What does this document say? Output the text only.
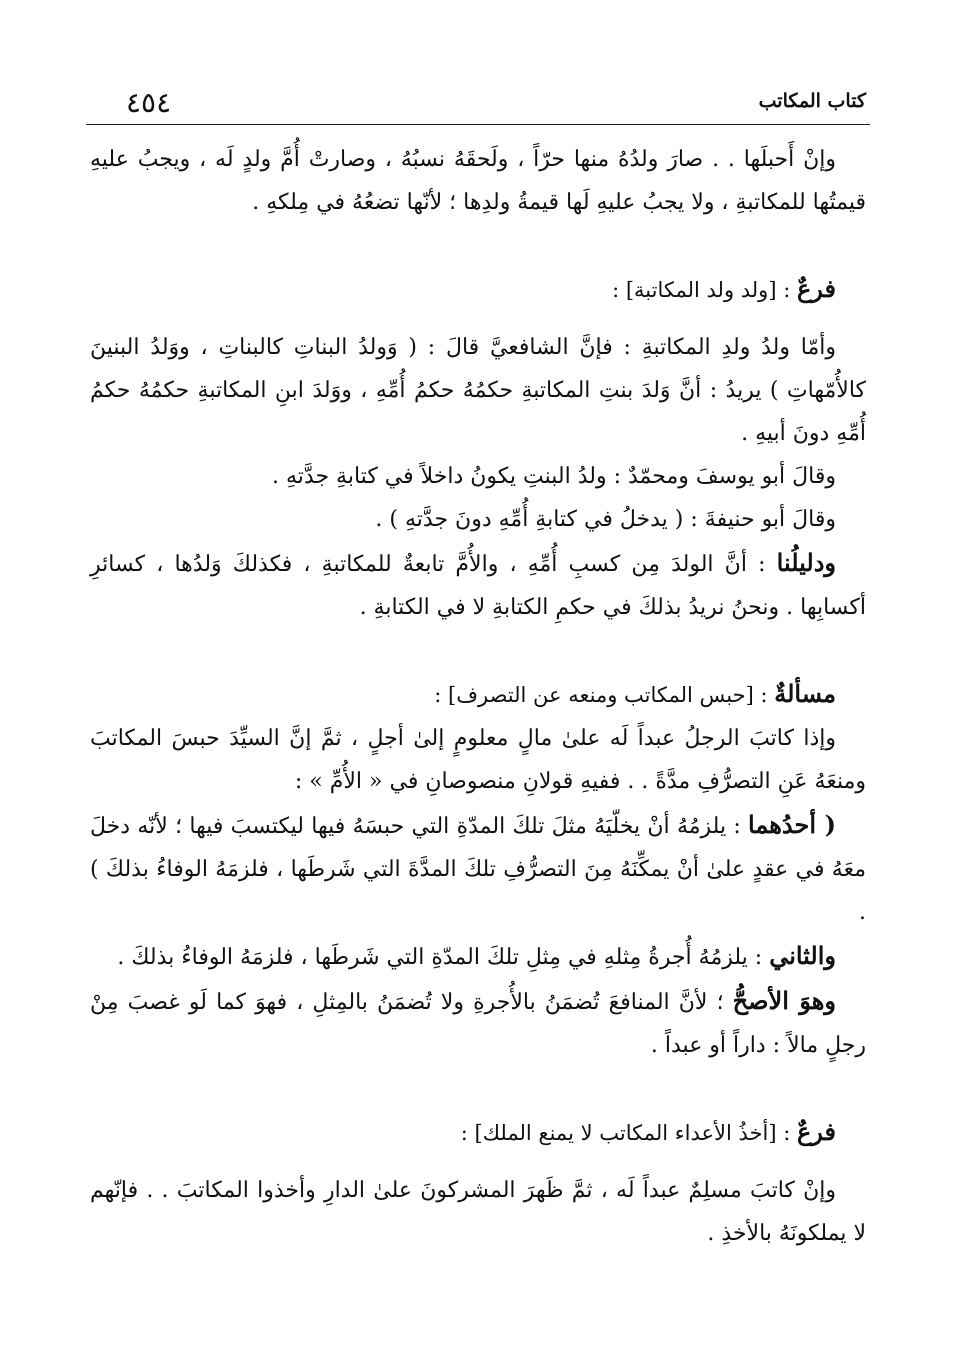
٤٥٤	كتاب المكاتب

وإنْ أَحبلَها . . صارَ ولدُهُ منها حرّاً ، ولَحقَهُ نسبُهُ ، وصارتْ أُمَّ ولدٍ لَه ، ويجبُ عليهِ قيمتُها للمكاتبةِ ، ولا يجبُ عليهِ لَها قيمةُ ولدِها ؛ لأنّها تضعُهُ في مِلكهِ .

فرعٌ : [ولد ولد المكاتبة] :

وأمّا ولدُ ولدِ المكاتبةِ : فإنَّ الشافعيَّ قالَ : ( وَولدُ البناتِ كالبناتِ ، ووَلدُ البنينَ كالأُمّهاتِ ) يريدُ : أنَّ وَلدَ بنتِ المكاتبةِ حكمُهُ حكمُ أُمِّهِ ، ووَلدَ ابنِ المكاتبةِ حكمُهُ حكمُ أُمِّهِ دونَ أبيهِ .

وقالَ أبو يوسفَ ومحمّدٌ : ولدُ البنتِ يكونُ داخلاً في كتابةِ جدَّتهِ .

وقالَ أبو حنيفةَ : ( يدخلُ في كتابةِ أُمِّهِ دونَ جدَّتهِ ) .

ودليلُنا : أنَّ الولدَ مِن كسبِ أُمِّهِ ، والأُمَّ تابعةٌ للمكاتبةِ ، فكذلكَ وَلدُها ، كسائرِ أكسابِها . ونحنُ نريدُ بذلكَ في حكمِ الكتابةِ لا في الكتابةِ .

مسألةٌ : [حبس المكاتب ومنعه عن التصرف] :

وإذا كاتبَ الرجلُ عبداً لَه علىٰ مالٍ معلومٍ إلىٰ أجلٍ ، ثمَّ إنَّ السيِّدَ حبسَ المكاتبَ ومنعَهُ عَنِ التصرُّفِ مدَّةً . . ففيهِ قولانِ منصوصانِ في « الأُمِّ » :

( أحدُهما : يلزمُهُ أنْ يخلّيَهُ مثلَ تلكَ المدّةِ التي حبسَهُ فيها ليكتسبَ فيها ؛ لأنّه دخلَ معَهُ في عقدٍ علىٰ أنْ يمكِّنَهُ مِنَ التصرُّفِ تلكَ المدَّةَ التي شَرطَها ، فلزمَهُ الوفاءُ بذلكَ ) .

والثاني : يلزمُهُ أُجرةُ مِثلهِ في مِثلِ تلكَ المدّةِ التي شَرطَها ، فلزمَهُ الوفاءُ بذلكَ .

وهوَ الأصحُّ ؛ لأنَّ المنافعَ تُضمَنُ بالأُجرةِ ولا تُضمَنُ بالمِثلِ ، فهوَ كما لَو غصبَ مِنْ رجلٍ مالاً : داراً أو عبداً .

فرعٌ : [أخذُ الأعداء المكاتب لا يمنع الملك] :

وإنْ كاتبَ مسلِمٌ عبداً لَه ، ثمَّ ظَهرَ المشركونَ علىٰ الدارِ وأخذوا المكاتبَ . . فإنّهم لا يملكونَهُ بالأخذِ .
